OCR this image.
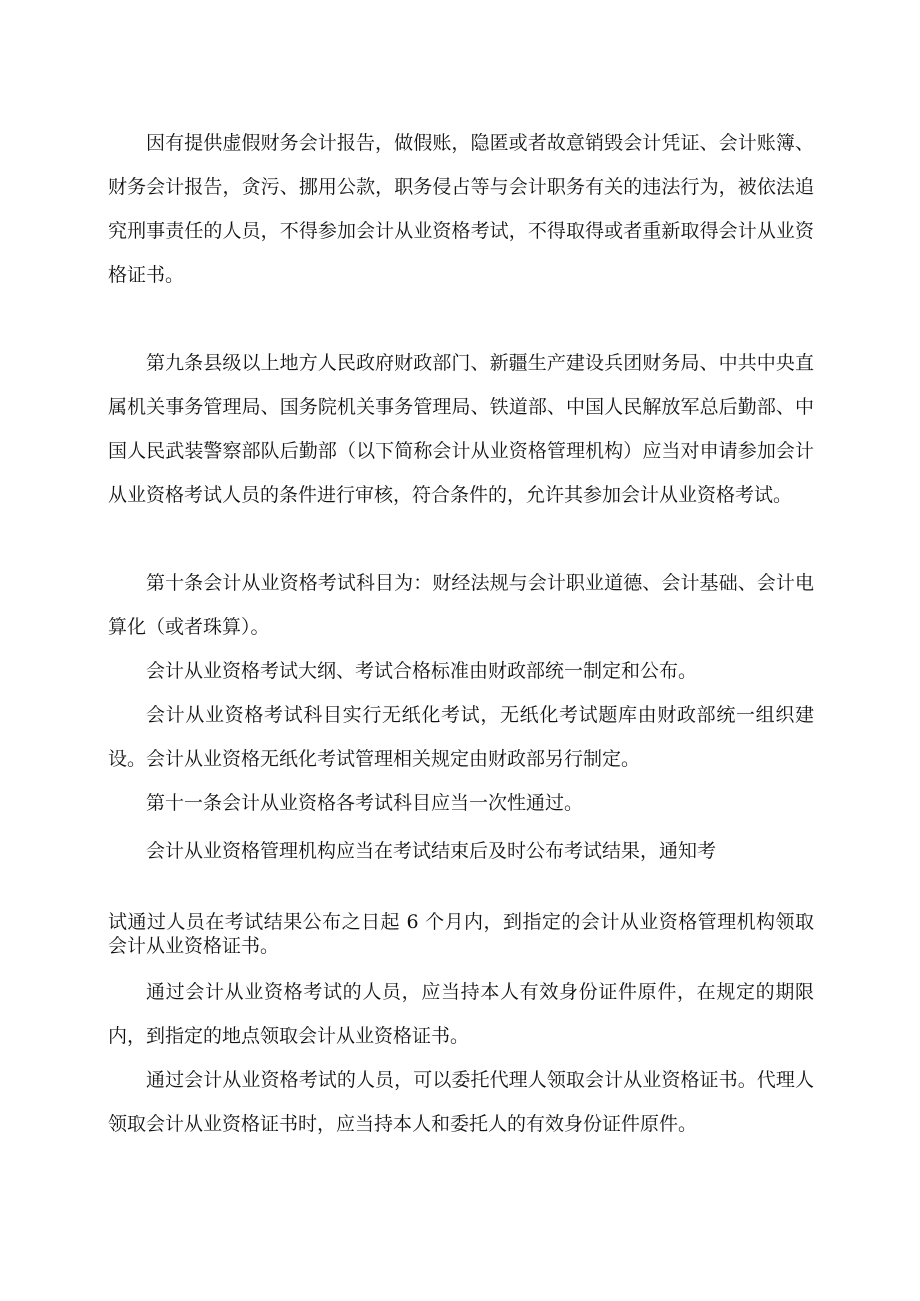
因有提供虚假财务会计报告，做假账，隐匿或者故意销毁会计凭证、会计账簿、财务会计报告，贪污、挪用公款，职务侵占等与会计职务有关的违法行为，被依法追究刑事责任的人员，不得参加会计从业资格考试，不得取得或者重新取得会计从业资格证书。

第九条县级以上地方人民政府财政部门、新疆生产建设兵团财务局、中共中央直属机关事务管理局、国务院机关事务管理局、铁道部、中国人民解放军总后勤部、中国人民武装警察部队后勤部（以下简称会计从业资格管理机构）应当对申请参加会计从业资格考试人员的条件进行审核，符合条件的，允许其参加会计从业资格考试。

第十条会计从业资格考试科目为：财经法规与会计职业道德、会计基础、会计电算化（或者珠算）。

会计从业资格考试大纲、考试合格标准由财政部统一制定和公布。

会计从业资格考试科目实行无纸化考试，无纸化考试题库由财政部统一组织建设。会计从业资格无纸化考试管理相关规定由财政部另行制定。

第十一条会计从业资格各考试科目应当一次性通过。

会计从业资格管理机构应当在考试结束后及时公布考试结果，通知考

试通过人员在考试结果公布之日起 6 个月内，到指定的会计从业资格管理机构领取会计从业资格证书。

通过会计从业资格考试的人员，应当持本人有效身份证件原件，在规定的期限内，到指定的地点领取会计从业资格证书。

通过会计从业资格考试的人员，可以委托代理人领取会计从业资格证书。代理人领取会计从业资格证书时，应当持本人和委托人的有效身份证件原件。
